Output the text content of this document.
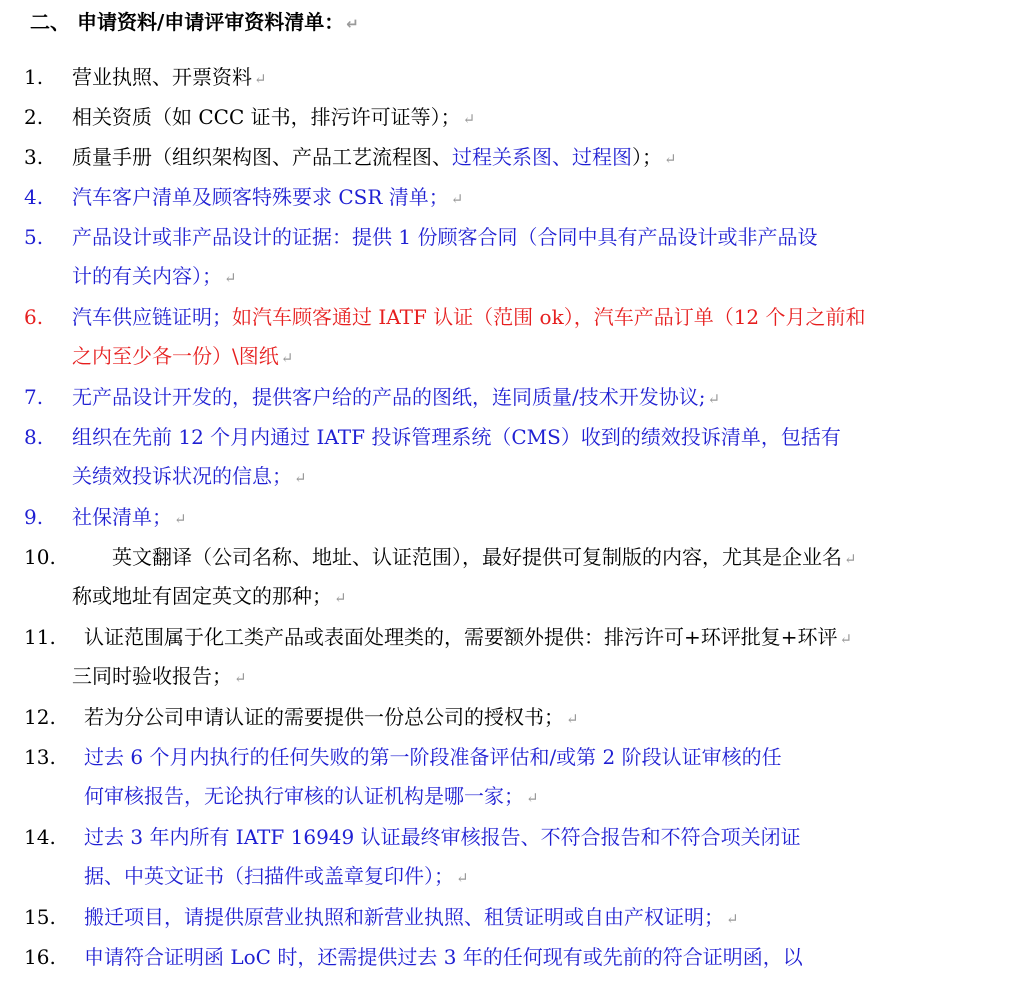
二、 申请资料/申请评审资料清单： ↵
1. 营业执照、开票资料 ↵
2. 相关资质（如 CCC 证书，排污许可证等）； ↵
3. 质量手册（组织架构图、产品工艺流程图、过程关系图、过程图）； ↵
4. 汽车客户清单及顾客特殊要求 CSR 清单； ↵
5. 产品设计或非产品设计的证据：提供 1 份顾客合同（合同中具有产品设计或非产品设
计的有关内容）； ↵
6. 汽车供应链证明；如汽车顾客通过 IATF 认证（范围 ok），汽车产品订单（12 个月之前和
之内至少各一份）\图纸 ↵
7. 无产品设计开发的，提供客户给的产品的图纸，连同质量/技术开发协议; ↵
8. 组织在先前 12 个月内通过 IATF 投诉管理系统（CMS）收到的绩效投诉清单，包括有
关绩效投诉状况的信息； ↵
9. 社保清单； ↵
10.	英文翻译（公司名称、地址、认证范围），最好提供可复制版的内容，尤其是企业名 ↵
称或地址有固定英文的那种； ↵
11. 认证范围属于化工类产品或表面处理类的，需要额外提供：排污许可+环评批复+环评 ↵
三同时验收报告； ↵
12. 若为分公司申请认证的需要提供一份总公司的授权书； ↵
13. 过去 6 个月内执行的任何失败的第一阶段准备评估和/或第 2 阶段认证审核的任
何审核报告，无论执行审核的认证机构是哪一家； ↵
14. 过去 3 年内所有 IATF 16949 认证最终审核报告、不符合报告和不符合项关闭证
据、中英文证书（扫描件或盖章复印件）； ↵
15. 搬迁项目，请提供原营业执照和新营业执照、租赁证明或自由产权证明； ↵
16. 申请符合证明函 LoC 时，还需提供过去 3 年的任何现有或先前的符合证明函，以
